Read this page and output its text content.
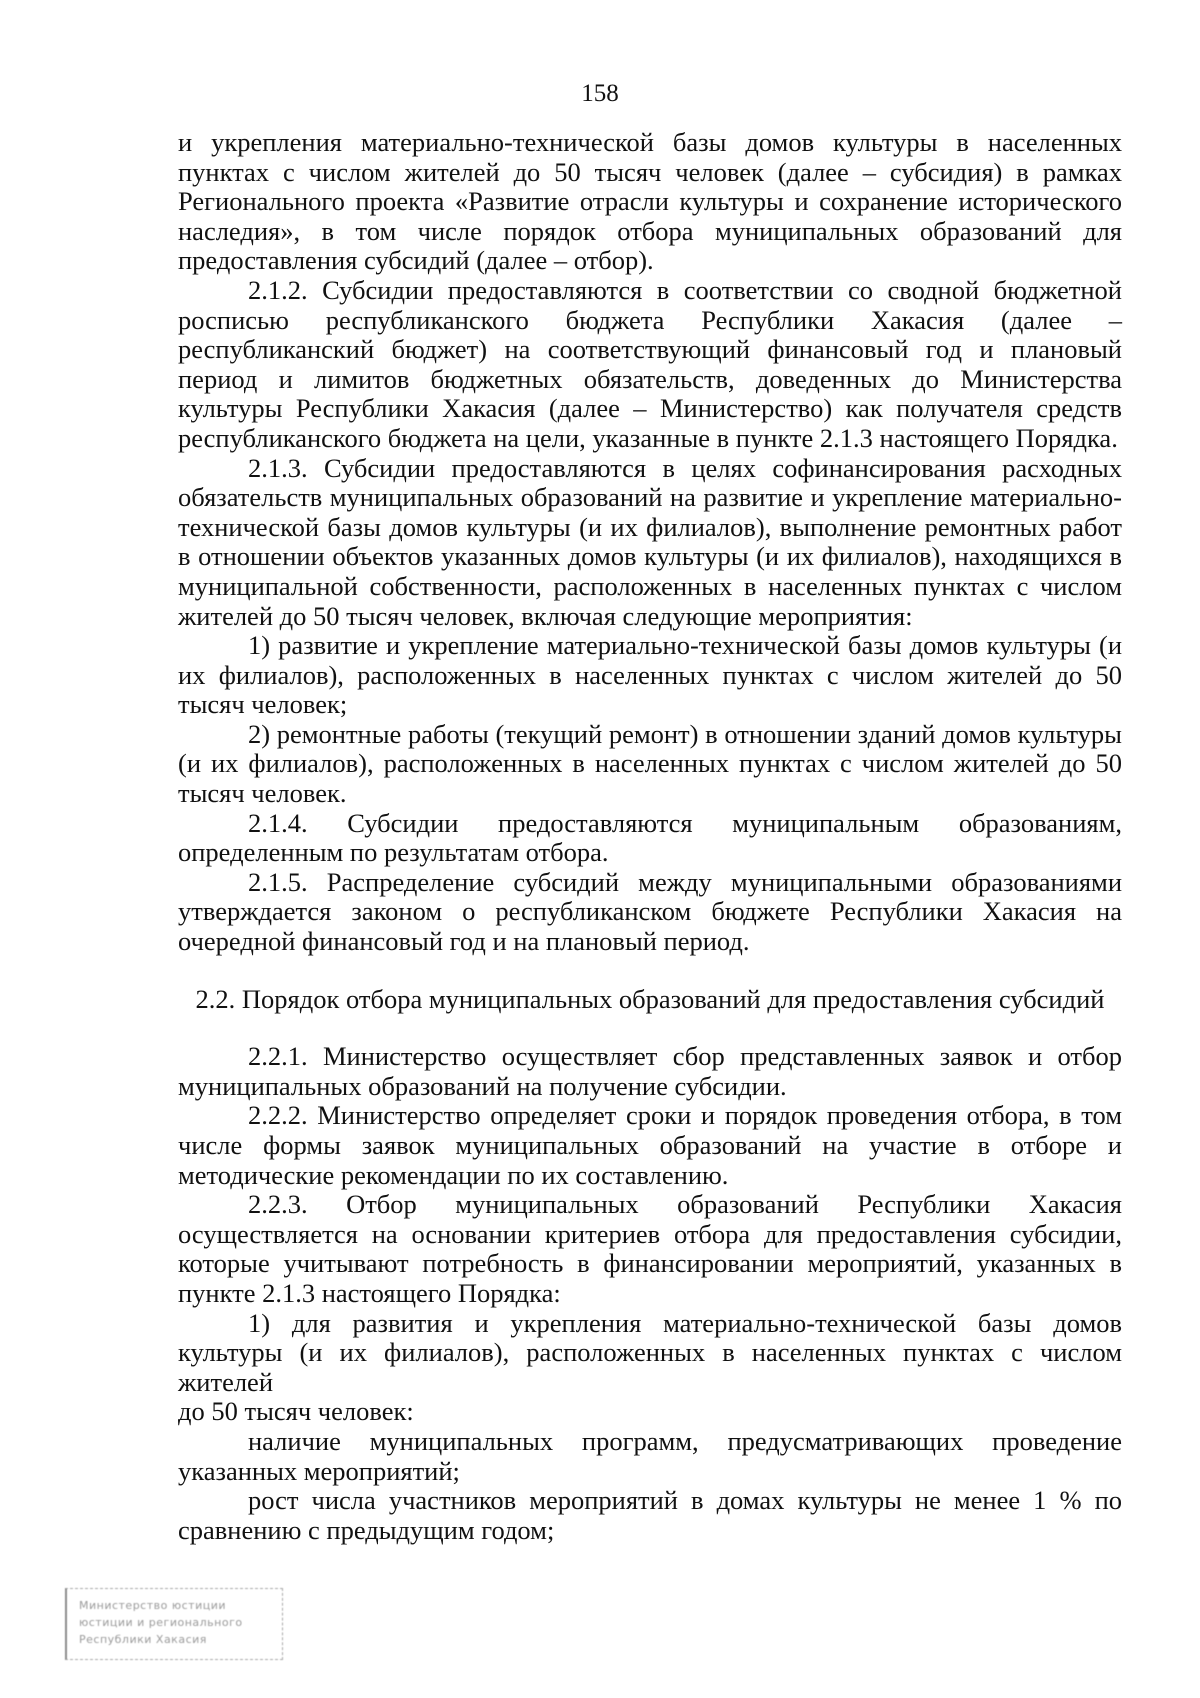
158

и укрепления материально-технической базы домов культуры в населенных пунктах с числом жителей до 50 тысяч человек (далее – субсидия) в рамках Регионального проекта «Развитие отрасли культуры и сохранение исторического наследия», в том числе порядок отбора муниципальных образований для предоставления субсидий (далее – отбор).

2.1.2. Субсидии предоставляются в соответствии со сводной бюджетной росписью республиканского бюджета Республики Хакасия (далее – республиканский бюджет) на соответствующий финансовый год и плановый период и лимитов бюджетных обязательств, доведенных до Министерства культуры Республики Хакасия (далее – Министерство) как получателя средств республиканского бюджета на цели, указанные в пункте 2.1.3 настоящего Порядка.

2.1.3. Субсидии предоставляются в целях софинансирования расходных обязательств муниципальных образований на развитие и укрепление материально-технической базы домов культуры (и их филиалов), выполнение ремонтных работ в отношении объектов указанных домов культуры (и их филиалов), находящихся в муниципальной собственности, расположенных в населенных пунктах с числом жителей до 50 тысяч человек, включая следующие мероприятия:

1) развитие и укрепление материально-технической базы домов культуры (и их филиалов), расположенных в населенных пунктах с числом жителей до 50 тысяч человек;

2) ремонтные работы (текущий ремонт) в отношении зданий домов культуры (и их филиалов), расположенных в населенных пунктах с числом жителей до 50 тысяч человек.

2.1.4. Субсидии предоставляются муниципальным образованиям, определенным по результатам отбора.

2.1.5. Распределение субсидий между муниципальными образованиями утверждается законом о республиканском бюджете Республики Хакасия на очередной финансовый год и на плановый период.

2.2. Порядок отбора муниципальных образований для предоставления субсидий

2.2.1. Министерство осуществляет сбор представленных заявок и отбор муниципальных образований на получение субсидии.

2.2.2. Министерство определяет сроки и порядок проведения отбора, в том числе формы заявок муниципальных образований на участие в отборе и методические рекомендации по их составлению.

2.2.3. Отбор муниципальных образований Республики Хакасия осуществляется на основании критериев отбора для предоставления субсидии, которые учитывают потребность в финансировании мероприятий, указанных в пункте 2.1.3 настоящего Порядка:

1) для развития и укрепления материально-технической базы домов культуры (и их филиалов), расположенных в населенных пунктах с числом жителей

до 50 тысяч человек:

наличие муниципальных программ, предусматривающих проведение указанных мероприятий;

рост числа участников мероприятий в домах культуры не менее 1 % по сравнению с предыдущим годом;

Министерство юстиции
юстиции и регионального
Республики Хакасия
